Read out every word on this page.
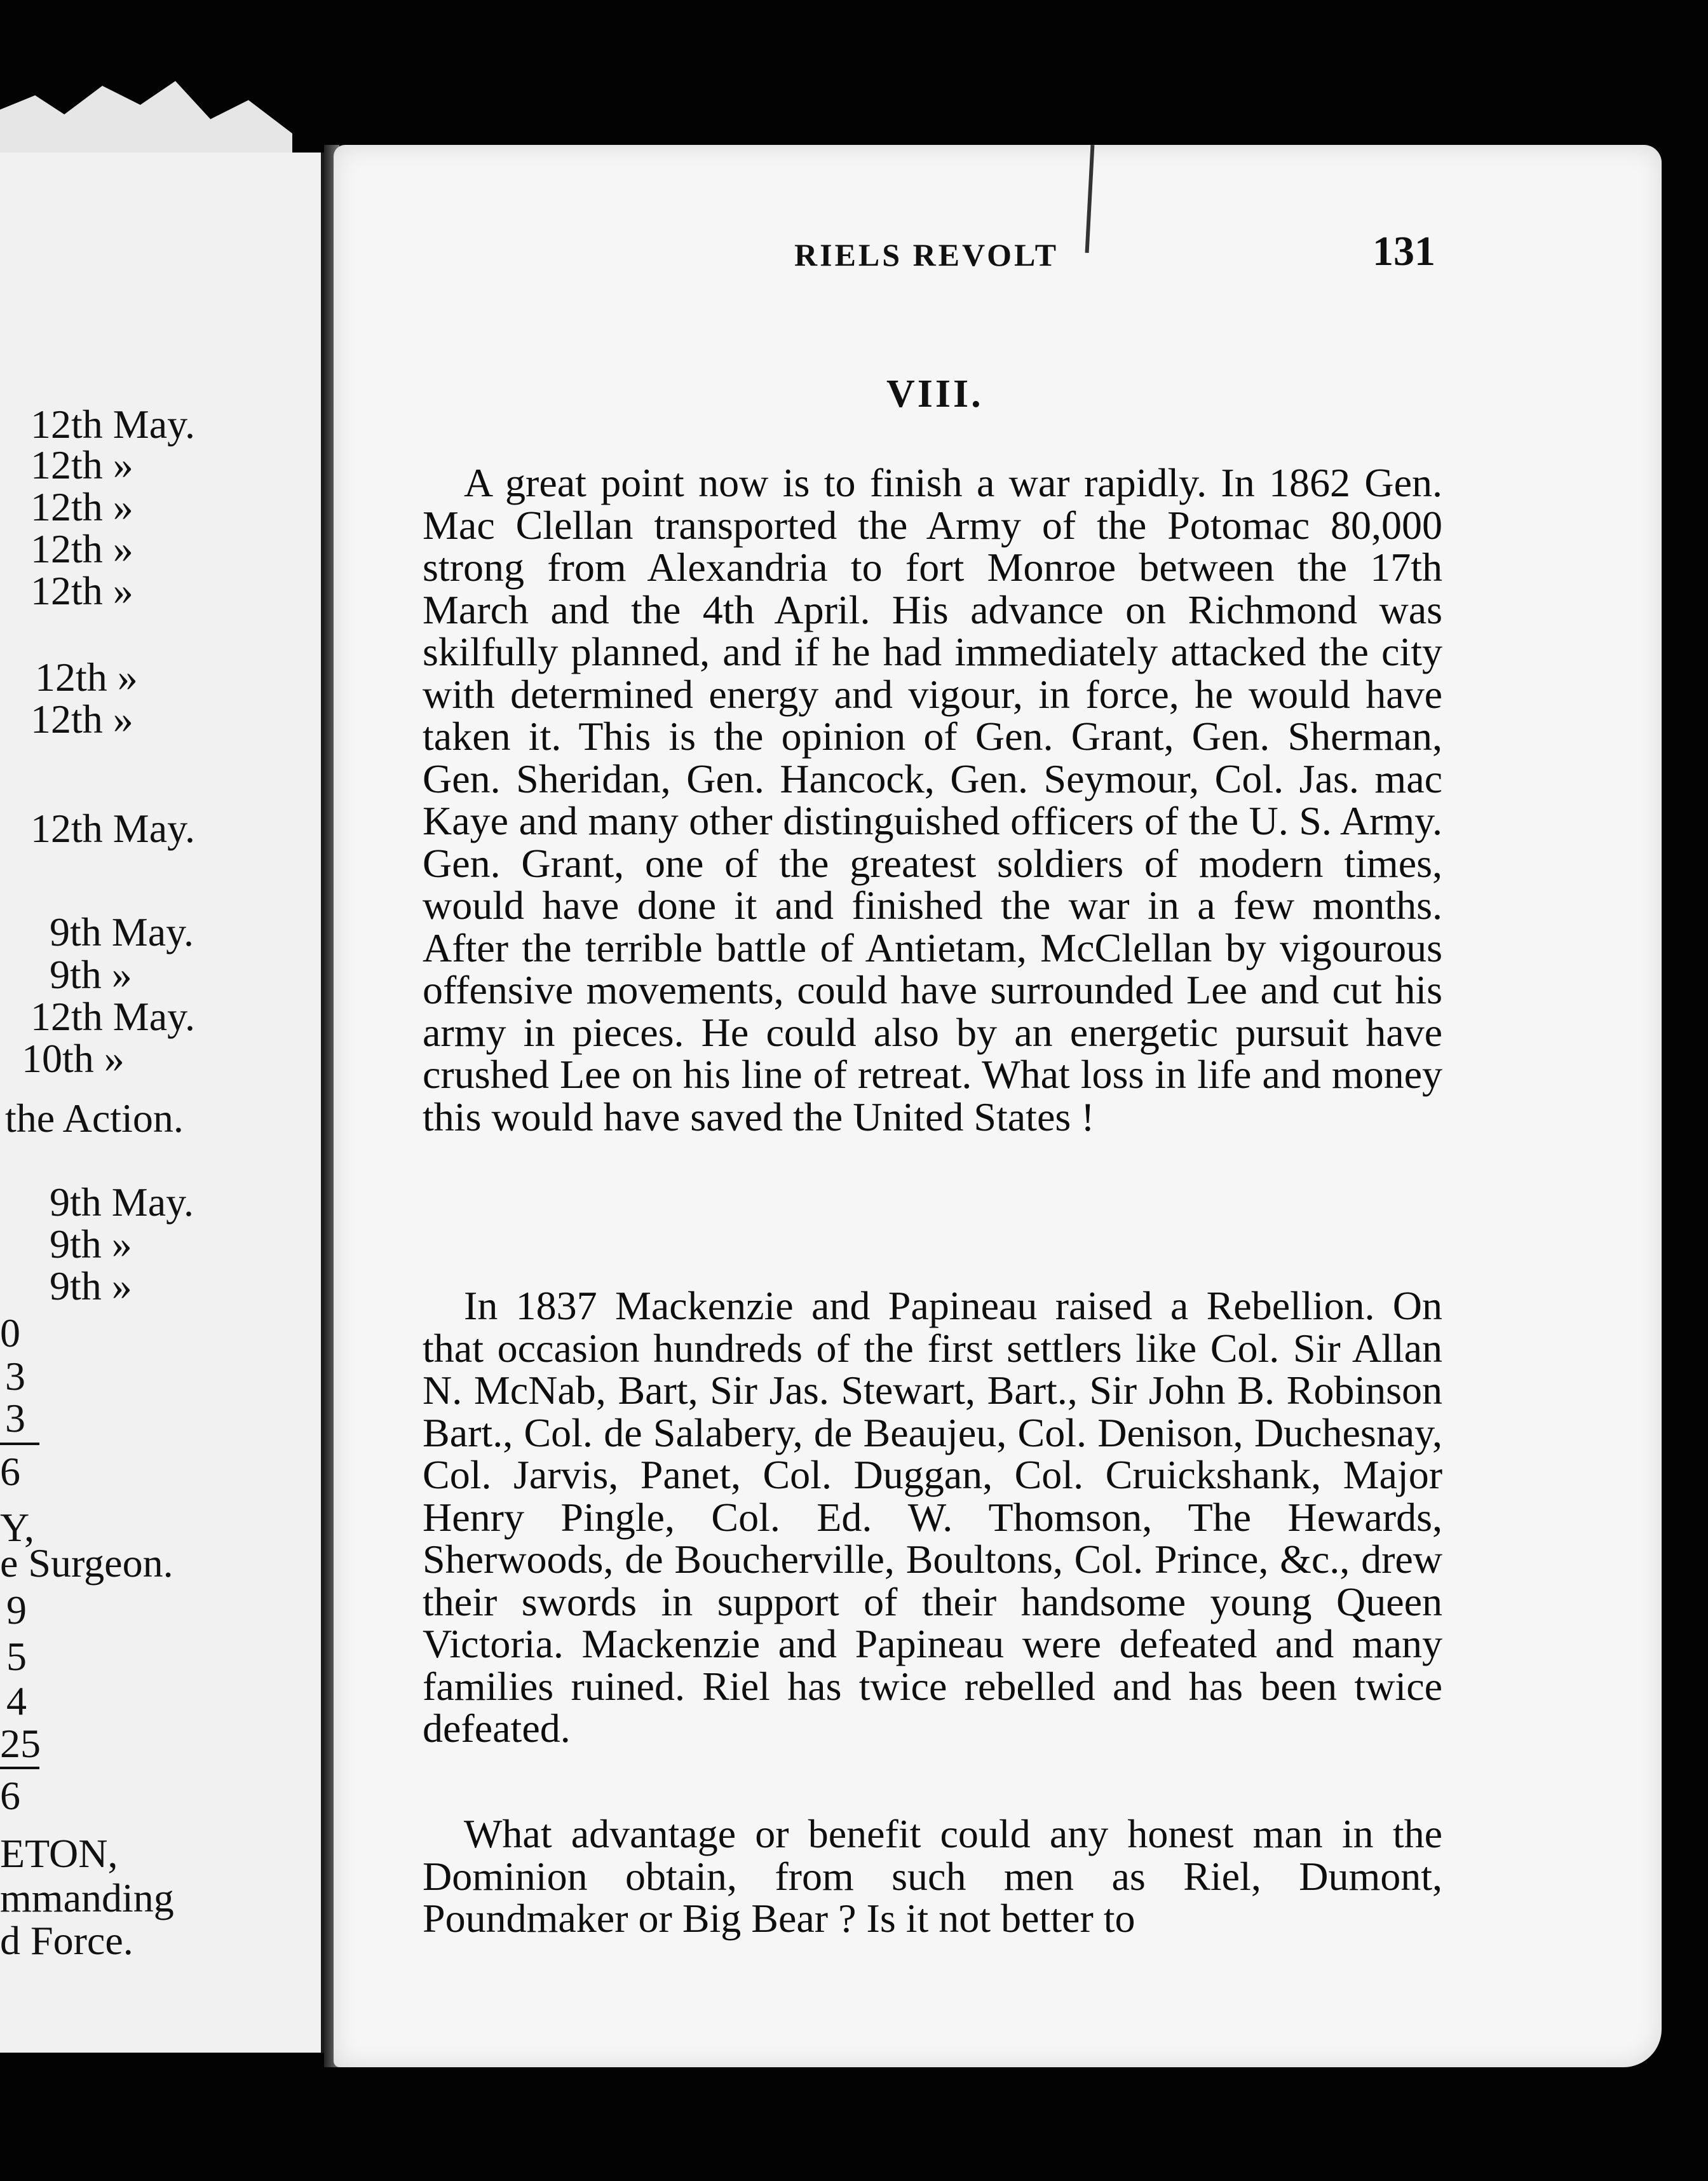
12th May.
12th »
12th »
12th »
12th »
12th »
12th »
12th May.
9th May.
9th »
12th May.
10th »
the Action.
9th May.
9th »
9th »
0
3
3
6
Y,
e Surgeon.
9
5
4
25
6
ETON,
mmanding
d Force.
RIELS REVOLT	131
VIII.

A great point now is to finish a war rapidly. In 1862 Gen. Mac Clellan transported the Army of the Potomac 80,000 strong from Alexandria to fort Monroe between the 17th March and the 4th April. His advance on Richmond was skilfully planned, and if he had immediately attacked the city with determined energy and vigour, in force, he would have taken it. This is the opinion of Gen. Grant, Gen. Sherman, Gen. Sheridan, Gen. Hancock, Gen. Seymour, Col. Jas. mac Kaye and many other distinguished officers of the U. S. Army. Gen. Grant, one of the greatest soldiers of modern times, would have done it and finished the war in a few months. After the terrible battle of Antietam, McClellan by vigourous offensive movements, could have surrounded Lee and cut his army in pieces. He could also by an energetic pursuit have crushed Lee on his line of retreat. What loss in life and money this would have saved the United States !

In 1837 Mackenzie and Papineau raised a Rebellion. On that occasion hundreds of the first settlers like Col. Sir Allan N. McNab, Bart, Sir Jas. Stewart, Bart., Sir John B. Robinson Bart., Col. de Salabery, de Beaujeu, Col. Denison, Duchesnay, Col. Jarvis, Panet, Col. Duggan, Col. Cruickshank, Major Henry Pingle, Col. Ed. W. Thomson, The Hewards, Sherwoods, de Boucherville, Boultons, Col. Prince, &c., drew their swords in support of their handsome young Queen Victoria. Mackenzie and Papineau were defeated and many families ruined. Riel has twice rebelled and has been twice defeated.

What advantage or benefit could any honest man in the Dominion obtain, from such men as Riel, Dumont, Poundmaker or Big Bear ? Is it not better to
